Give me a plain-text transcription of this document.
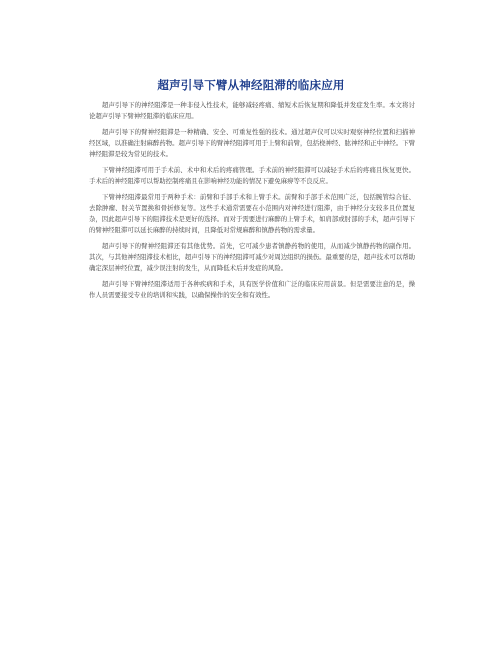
超声引导下臂从神经阻滞的临床应用

超声引导下的神经阻滞是一种非侵入性技术，能够减轻疼痛、缩短术后恢复期和降低并发症发生率。本文将讨论超声引导下臂神经阻滞的临床应用。

超声引导下的臂神经阻滞是一种精确、安全、可重复性强的技术。通过超声仪可以实时观察神经位置和扫描神经区域，以准确注射麻醉药物。超声引导下的臂神经阻滞可用于上臂和前臂，包括桡神经、肱神经和正中神经。下臂神经阻滞是较为常见的技术。

下臂神经阻滞可用于手术前、术中和术后的疼痛管理。手术前的神经阻滞可以减轻手术后的疼痛且恢复更快。手术后的神经阻滞可以帮助控制疼痛且在影响神经功能的情况下避免麻痹等不良反应。

下臂神经阻滞最常用于两种手术：前臂和手部手术和上臂手术。前臂和手部手术范围广泛，包括腕管综合征、去除肿瘤、肘关节置换和骨折修复等。这些手术通常需要在小范围内对神经进行阻滞，由于神经分支较多且位置复杂，因此超声引导下的阻滞技术是更好的选择。而对于需要进行麻醉的上臂手术，如肩部或肘部的手术，超声引导下的臂神经阻滞可以延长麻醉的持续时间，且降低对常规麻醉和镇静药物的需求量。

超声引导下的臂神经阻滞还有其他优势。首先，它可减少患者镇静药物的使用，从而减少镇静药物的副作用。其次，与其他神经阻滞技术相比，超声引导下的神经阻滞可减少对周边组织的损伤。最重要的是，超声技术可以帮助确定深层神经位置，减少误注射的发生，从而降低术后并发症的风险。

超声引导下臂神经阻滞适用于各种疾病和手术，具有医学价值和广泛的临床应用前景。但是需要注意的是，操作人员需要接受专业的培训和实践，以确保操作的安全和有效性。
